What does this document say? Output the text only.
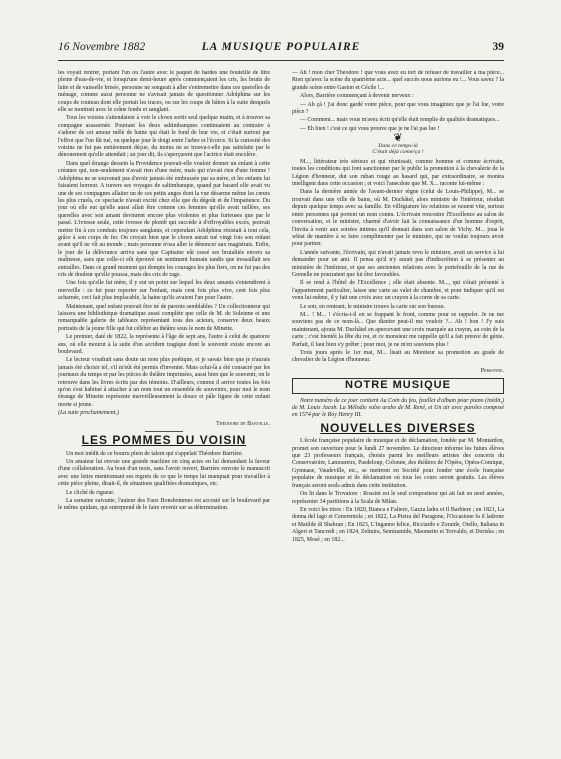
16 Novembre 1882	LA MUSIQUE POPULAIRE	39

les voyait rentrer, portant l'un ou l'autre avec le paquet de hardes une bouteille de litre pleine d'eau-de-vie, et lorsqu'une demi-heure après commençaient les cris, les bruits de lutte et de vaisselle brisée, personne ne songeait à aller s'entremettre dans ces querelles de ménage, comme aussi personne ne s'avisait jamais de questionner Adolphina sur les coups de couteau dont elle portait les traces, ou sur les coups de bâton à la suite desquels elle se montrait avec le crâne fendu et sanglant.

Tous les voisins s'attendaient à voir le clown sortir seul quelque matin, et à trouver sa compagne assassinée. Pourtant les deux saltimbanques continuaient au contraire à s'adorer de cet amour mêlé de haine qui était le fond de leur vie, et c'était surtout par l'effroi que l'un fût tué, ou quelque jour le doigt entre l'arbre et l'écorce. Si la curiosité des voisins ne fut pas entièrement déçue, du moins ne se trouva-t-elle pas satisfaite par le dénouement qu'elle attendait ; au jour dit, ils s'aperçurent que l'actrice était encolère.

Dans quel étrange dessein la Providence pouvait-elle vouloir donner un enfant à cette créature qui, non-seulement n'avait rien d'une mère, mais qui n'avait rien d'une femme ! Adolphina ne se souvenait pas d'avoir jamais été embrassée par sa mère, et les enfants lui faisaient horreur. A travers ses voyages de saltimbanque, quand par hasard elle avait vu une de ses compagnes allaiter un de ces petits anges dont la vue désarme même les cœurs les plus cruels, ce spectacle n'avait excité chez elle que du dégoût et de l'impatience. Du jour où elle eut qu'elle aussi allait être comme ces femmes qu'elle avait raillées, ses querelles avec son amant devinrent encore plus violentes et plus furieuses que par le passé. L'ivresse seule, cette ivresse de plomb qui succède à d'effroyables excès, pouvait mettre fin à ces combats toujours sanglants, et cependant Adolphina résistait à tout cela, grâce à son corps de fer. On croyait bien que le clown aurait tué vingt fois son enfant avant qu'il ne vît au monde ; mais personne n'osa aller le dénoncer aux magistrats. Enfin, le jour de la délivrance arriva sans que Capitaine eût cessé ses brutalités envers sa maîtresse, sans que celle-ci eût éprouvé un sentiment humain tandis que tressaillait ses entrailles. Dans ce grand moment qui dompte les courages les plus fiers, on ne fut pas des cris de douleur qu'elle poussa, mais des cris de rage.

Une fois qu'elle fut mère, il y eut un point sur lequel les deux amants s'entendirent à merveille : ce fut pour reporter sur l'enfant, mais cent fois plus vive, cent fois plus acharnée, ceci fait plus implacable, la haine qu'ils avaient l'un pour l'autre.

Maintenant, quel enfant pouvait être né de parents semblables ? Un collectionneur qui laissera une bibliothèque dramatique aussi complète que celle de M. de Soleinne et une remarquable galerie de tableaux représentant tous des acteurs, conserve deux beaux portraits de la jeune fille qui fut célèbre au théâtre sous le nom de Minette.

Le premier, daté de 1822, la représente à l'âge de sept ans, l'autre à celui de quatorze ans, où elle mourut à la suite d'un accident tragique dont le souvenir existe encore au boulevard.

Le lecteur voudrait sans doute un nom plus poétique, et je savais bien que je n'aurais jamais été choisir tel, s'il m'eût été permis d'inventer. Mais celui-là a été consacré par les journaux du temps et par les pièces de théâtre imprimées, aussi bien que le souvenir, on le retrouve dans les livres écrits par des témoins. D'ailleurs, comme il arrive toutes les fois qu'on s'est habitué à attacher à un nom tout un ensemble de souvenirs, pour moi le nom étrange de Minette représente merveilleusement la douce et pâle figure de cette enfant morte si jeune.

(La suite prochainement.)

Théodore de Banville.
LES POMMES DU VOISIN

Un mot inédit de ce bourru plein de talent qui s'appelait Théodore Barrière.

Un amateur lui envoie une grande machine en cinq actes en lui demandant la faveur d'une collaboration. Au bout d'un mois, sans l'avoir ouvert, Barrière renvoie le manuscrit avec une lettre mentionnant ses regrets de ce que le temps lui manquait pour travailler à cette pièce pleine, disait-il, de situations qualifiées dramatiques, etc.

Le cliché de rigueur.

La semaine suivante, l'auteur des Faux Bonshommes est accosté sur le boulevard par le même quidam, qui entreprend de le faire revenir sur sa détermination.

— Ah ! mon cher Théodore ! que vous avez eu tort de refuser de travailler à ma pièce... Rien qu'avec la scène du quatrième acte... quel succès nous aurions eu !... Vous savez ? la grande scène entre Gaston et Cécile !...

Alors, Barrière commençant à devenir nerveux :

— Ah çà ! j'ai donc gardé votre pièce, pour que vous imaginiez que je l'ai lue, votre pièce ?

— Comment... mais vous m'avez écrit qu'elle était remplie de qualités dramatiques...

— Eh bien ! c'est ce qui vous prouve que je ne l'ai pas lue !

❦
Dans ce temps-là
C'était déjà comm'ça !

M..., littérateur très sérieux et qui réunissait, comme homme et comme écrivain, toutes les conditions qui font sanctionner par le public la promotion à la chevalerie de la Légion d'honneur, dut son ruban rouge au hasard qui, par extraordinaire, se montra intelligent dans cette occasion ; et voici l'anecdote que M. X... raconte lui-même :

Dans la dernière année de l'avant-dernier règne (celui de Louis-Philippe), M... se trouvait dans une ville de bains, où M. Duchâtel, alors ministre de l'intérieur, résidait depuis quelque temps avec sa famille. En villégiature les relations se nouent vite, surtout entre personnes qui portent un nom connu. L'écrivain rencontre l'Excellence au salon de conversation, et le ministre, charmé d'avoir fait la connaissance d'un homme d'esprit, l'invita à venir aux soirées intimes qu'il donnait dans son salon de Vichy. M... joua le whist de manière à se faire complimenter par le ministre, qui ne voulut toujours avoir pour partner.

L'année suivante, l'écrivain, qui n'avait jamais revu le ministre, avait un service à lui demander pour un ami. Il pensa qu'il n'y aurait pas d'indiscrétion à se présenter au ministère de l'intérieur, et que ses anciennes relations avec le portefeuille de la rue de Grenelle ne pourraient que lui être favorables.

Il se rend à l'hôtel de l'Excellence ; elle était absente. M..., qui s'était présenté à l'appartement particulier, laisse une carte au valet de chambre, et pour indiquer qu'il est venu lui-même, il y fait une croix avec un crayon à la corne de sa carte.

Le soir, en rentrant, le ministre trouve la carte sur son bureau.

M... ! M... ! s'écria-t-il en se frappant le front, comme pour se rappeler. Je ne me souviens pas de ce nom-là... Que diantre peut-il me vouloir ?... Ah ! bon ! J'y suis maintenant, ajouta M. Duchâtel en apercevant une croix marquée au crayon, au coin de la carte ; c'est bientôt la fête du roi, et ce monsieur me rappelle qu'il a fait preuve de génie. Parfait, il faut bien s'y prêter ; pour moi, je ne m'en souviens plus !

Trois jours après le 1er mai, M... lisait au Moniteur sa promotion au grade de chevalier de la Légion d'honneur.

Personne.
NOTRE MUSIQUE

Notre numéro de ce jour contient Au Coin du feu, feuillet d'album pour piano (inédit,) de M. Louis Jacob. La Mélodie valse arabe de M. René, et Un air avec paroles composé en 1574 par le Roy Henry III.

NOUVELLES DIVERSES

L'école française populaire de musique et de déclamation, fondée par M. Montardon, promet son ouverture pour le lundi 27 novembre. Le directeur informe les futurs élèves que 23 professeurs français, choisis parmi les meilleurs artistes des concerts du Conservatoire, Lamoureux, Pasdeloup, Colonne, des théâtres de l'Opéra, Opéra-Comique, Gymnase, Vaudeville, etc., se mettront en Société pour fonder une école française populaire de musique et de déclamation où tous les cours seront gratuits. Les élèves français seront seuls admis dans cette institution.

On lit dans le Trovatore : Rossini est le seul compositeur qui ait fait en neuf années, représenter 34 partitions à la Scala de Milan.

En voici les titres : En 1820, Bianca e Faliero, Gazza ladra et Il Barbiere ; en 1821, La donna del lago et Cenerentola ; en 1822, La Pietra del Paragone, l'Occasione fa il ladrone et Matilde di Shabran ; En 1823, L'Inganno felice, Ricciardo e Zoraide, Otello, Italiana in Algeri et Tancredi ; en 1824, Zelmira, Semiramide, Maometto et Torvaldo, et Doriska ; en 1825, Mosè ; en 182...
